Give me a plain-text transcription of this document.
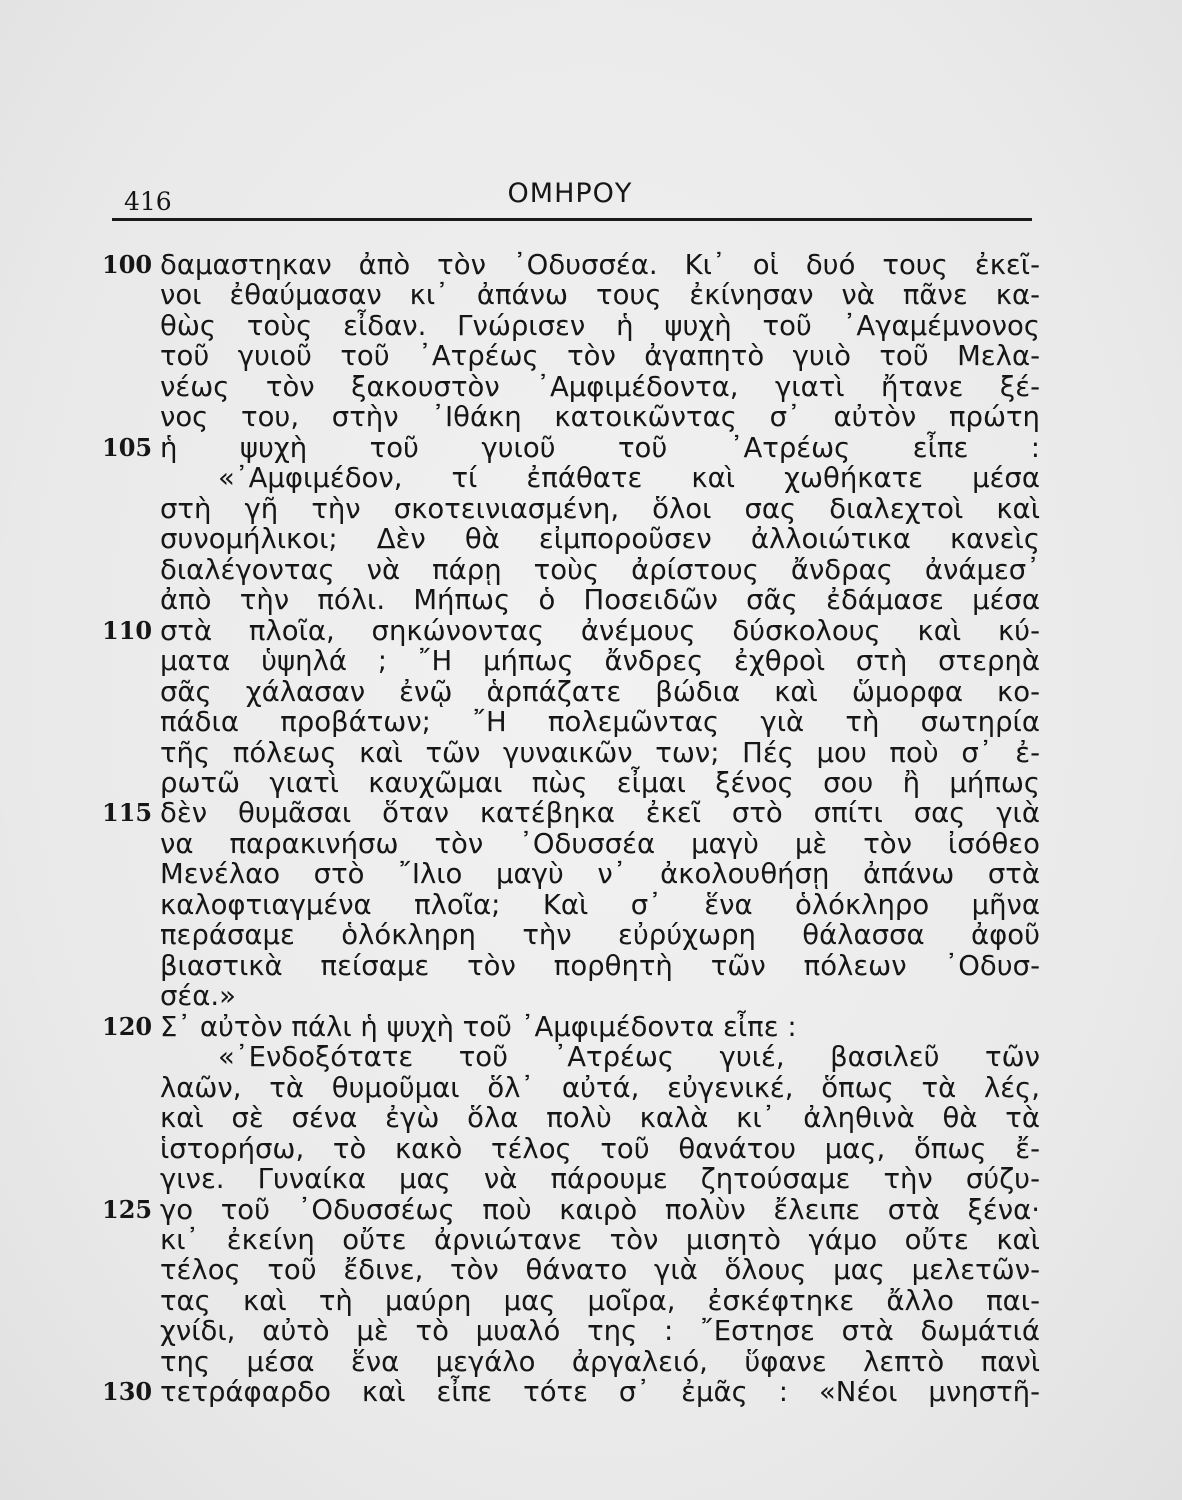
416	ΟΜΗΡΟΥ
100 δαμαστηκαν ἀπὸ τὸν ᾿Οδυσσέα. Κι᾿ οἱ δυό τους ἐκεῖ-
νοι ἐθαύμασαν κι᾿ ἀπάνω τους ἐκίνησαν νὰ πᾶνε κα-
θὼς τοὺς εἶδαν. Γνώρισεν ἡ ψυχὴ τοῦ ᾿Αγαμέμνονος
τοῦ γυιοῦ τοῦ ᾿Ατρέως τὸν ἀγαπητὸ γυιὸ τοῦ Μελα-
νέως τὸν ξακουστὸν ᾿Αμφιμέδοντα, γιατὶ ἤτανε ξέ-
νος του, στὴν ᾿Ιθάκη κατοικῶντας σ᾿ αὐτὸν πρώτη
105 ἡ ψυχὴ τοῦ γυιοῦ τοῦ ᾿Ατρέως εἶπε :
«᾿Αμφιμέδον, τί ἐπάθατε καὶ χωθήκατε μέσα
στὴ γῆ τὴν σκοτεινιασμένη, ὅλοι σας διαλεχτοὶ καὶ
συνομήλικοι; Δὲν θὰ εἰμποροῦσεν ἀλλοιώτικα κανεὶς
διαλέγοντας νὰ πάρῃ τοὺς ἀρίστους ἄνδρας ἀνάμεσ᾿
ἀπὸ τὴν πόλι. Μήπως ὁ Ποσειδῶν σᾶς ἐδάμασε μέσα
110 στὰ πλοῖα, σηκώνοντας ἀνέμους δύσκολους καὶ κύ-
ματα ὑψηλά ; ῎Η μήπως ἄνδρες ἐχθροὶ στὴ στερηὰ
σᾶς χάλασαν ἐνῷ ἁρπάζατε βώδια καὶ ὥμορφα κο-
πάδια προβάτων; ῎Η πολεμῶντας γιὰ τὴ σωτηρία
τῆς πόλεως καὶ τῶν γυναικῶν των; Πές μου ποὺ σ᾿ ἐ-
ρωτῶ γιατὶ καυχῶμαι πὼς εἶμαι ξένος σου ἢ μήπως
115 δὲν θυμᾶσαι ὅταν κατέβηκα ἐκεῖ στὸ σπίτι σας γιὰ
να παρακινήσω τὸν ᾿Οδυσσέα μαγὺ μὲ τὸν ἰσόθεο
Μενέλαο στὸ ῎Ιλιο μαγὺ ν᾿ ἀκολουθήσῃ ἀπάνω στὰ
καλοφτιαγμένα πλοῖα; Καὶ σ᾿ ἕνα ὁλόκληρο μῆνα
περάσαμε ὁλόκληρη τὴν εὐρύχωρη θάλασσα ἀφοῦ
βιαστικὰ πείσαμε τὸν πορθητὴ τῶν πόλεων ᾿Οδυσ-
σέα.»
120 Σ᾿ αὐτὸν πάλι ἡ ψυχὴ τοῦ ᾿Αμφιμέδοντα εἶπε :
«᾿Ενδοξότατε τοῦ ᾿Ατρέως γυιέ, βασιλεῦ τῶν
λαῶν, τὰ θυμοῦμαι ὅλ᾿ αὐτά, εὐγενικέ, ὅπως τὰ λές,
καὶ σὲ σένα ἐγὼ ὅλα πολὺ καλὰ κι᾿ ἀληθινὰ θὰ τὰ
ἱστορήσω, τὸ κακὸ τέλος τοῦ θανάτου μας, ὅπως ἔ-
γινε. Γυναίκα μας νὰ πάρουμε ζητούσαμε τὴν σύζυ-
125 γο τοῦ ᾿Οδυσσέως ποὺ καιρὸ πολὺν ἔλειπε στὰ ξένα·
κι᾿ ἐκείνη οὔτε ἀρνιώτανε τὸν μισητὸ γάμο οὔτε καὶ
τέλος τοῦ ἔδινε, τὸν θάνατο γιὰ ὅλους μας μελετῶν-
τας καὶ τὴ μαύρη μας μοῖρα, ἐσκέφτηκε ἄλλο παι-
χνίδι, αὐτὸ μὲ τὸ μυαλό της : ῎Εστησε στὰ δωμάτιά
της μέσα ἕνα μεγάλο ἀργαλειό, ὕφανε λεπτὸ πανὶ
130 τετράφαρδο καὶ εἶπε τότε σ᾿ ἐμᾶς : «Νέοι μνηστῆ-
